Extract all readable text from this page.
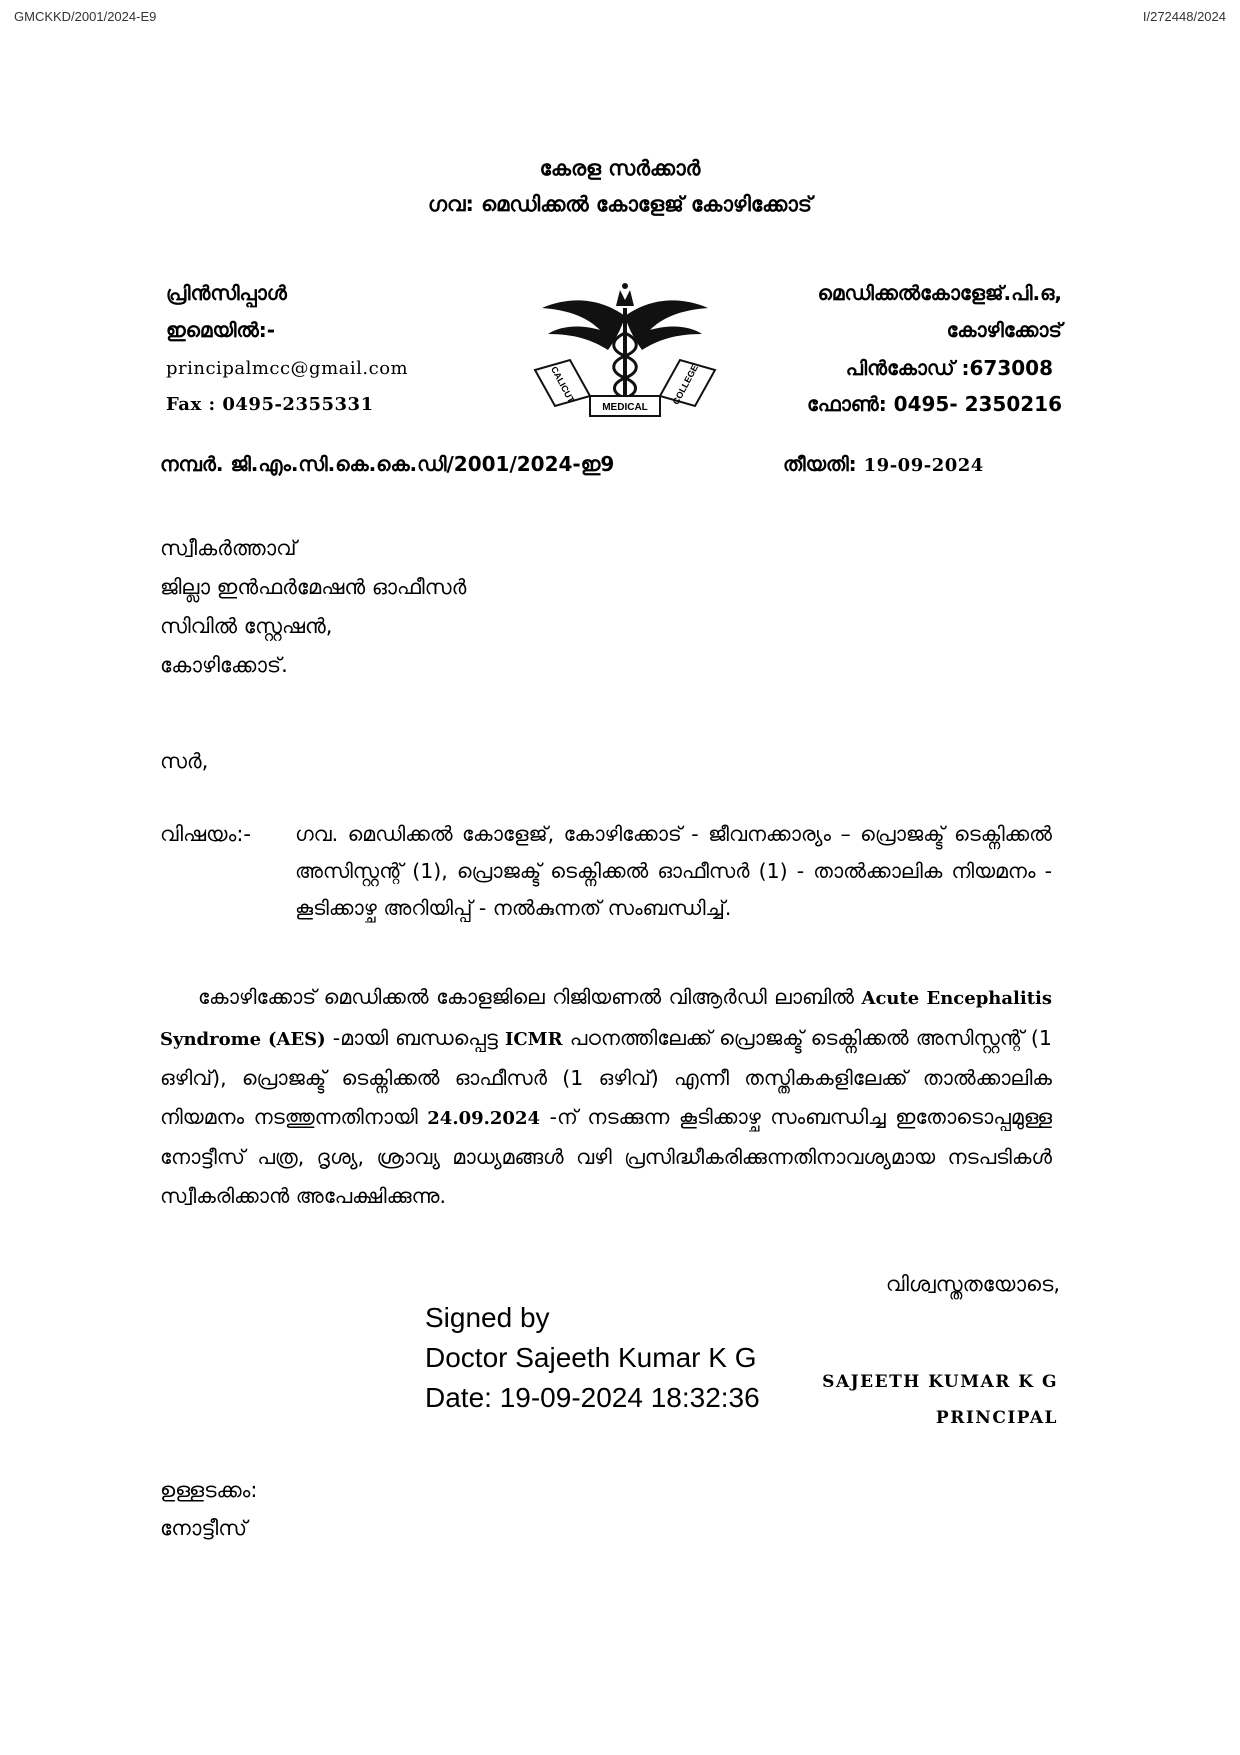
GMCKKD/2001/2024-E9	I/272448/2024
കേരള സർക്കാർ
ഗവ: മെഡിക്കൽ കോളേജ് കോഴിക്കോട്
പ്രിൻസിപ്പാൾ
ഇമെയിൽ:-
principalmcc@gmail.com
Fax : 0495-2355331
CALICUT
MEDICAL
COLLEGE
മെഡിക്കൽകോളേജ്.പി.ഒ,
കോഴിക്കോട്
പിൻകോഡ് :673008
ഫോൺ: 0495- 2350216
നമ്പർ. ജി.എം.സി.കെ.കെ.ഡി/2001/2024-ഇ9	തീയതി: 19-09-2024
സ്വീകർത്താവ്
ജില്ലാ ഇൻഫർമേഷൻ ഓഫീസർ
സിവിൽ സ്റ്റേഷൻ,
കോഴിക്കോട്.
സർ,
വിഷയം:- ഗവ. മെഡിക്കൽ കോളേജ്, കോഴിക്കോട് - ജീവനക്കാര്യം – പ്രൊജക്ട് ടെക്നിക്കൽ അസിസ്റ്റന്റ് (1), പ്രൊജക്ട് ടെക്നിക്കൽ ഓഫീസർ (1) - താൽക്കാലിക നിയമനം - കൂടിക്കാഴ്ച അറിയിപ്പ് - നൽകുന്നത് സംബന്ധിച്ച്.
കോഴിക്കോട് മെഡിക്കൽ കോളജിലെ റിജിയണൽ വിആർഡി ലാബിൽ Acute Encephalitis Syndrome (AES) -മായി ബന്ധപ്പെട്ട ICMR പഠനത്തിലേക്ക് പ്രൊജക്ട് ടെക്നിക്കൽ അസിസ്റ്റന്റ് (1 ഒഴിവ്), പ്രൊജക്ട് ടെക്നിക്കൽ ഓഫീസർ (1 ഒഴിവ്) എന്നീ തസ്തികകളിലേക്ക് താൽക്കാലിക നിയമനം നടത്തുന്നതിനായി 24.09.2024 -ന് നടക്കുന്ന കൂടിക്കാഴ്ച സംബന്ധിച്ച ഇതോടൊപ്പമുള്ള നോട്ടീസ് പത്ര, ദൃശ്യ, ശ്രാവ്യ മാധ്യമങ്ങൾ വഴി പ്രസിദ്ധീകരിക്കുന്നതിനാവശ്യമായ നടപടികൾ സ്വീകരിക്കാൻ അപേക്ഷിക്കുന്നു.
വിശ്വസ്തതയോടെ,
Signed by
Doctor Sajeeth Kumar K G
Date: 19-09-2024 18:32:36	SAJEETH KUMAR K G
PRINCIPAL
ഉള്ളടക്കം:
നോട്ടീസ്
